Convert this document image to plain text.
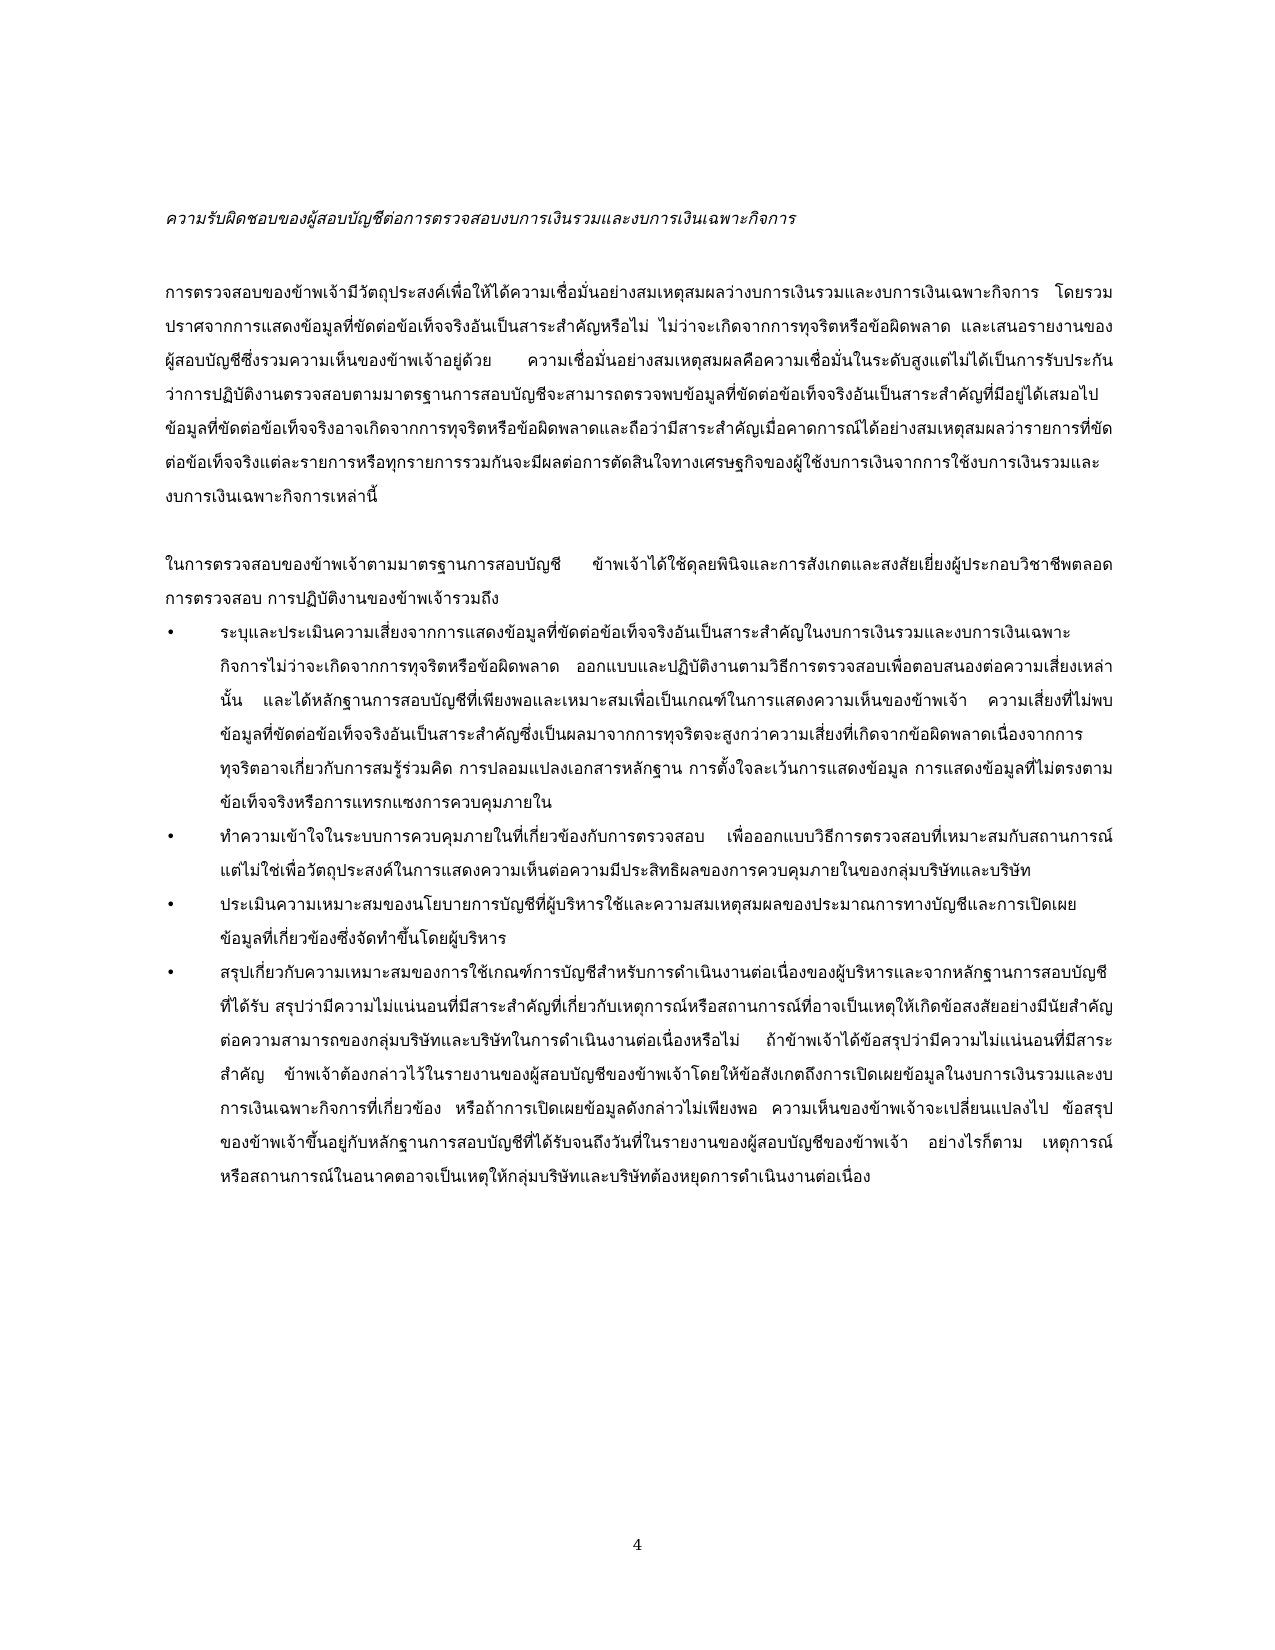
ความรับผิดชอบของผู้สอบบัญชีต่อการตรวจสอบงบการเงินรวมและงบการเงินเฉพาะกิจการ

การตรวจสอบของข้าพเจ้ามีวัตถุประสงค์เพื่อให้ได้ความเชื่อมั่นอย่างสมเหตุสมผลว่างบการเงินรวมและงบการเงินเฉพาะกิจการ โดยรวมปราศจากการแสดงข้อมูลที่ขัดต่อข้อเท็จจริงอันเป็นสาระสำคัญหรือไม่ ไม่ว่าจะเกิดจากการทุจริตหรือข้อผิดพลาด และเสนอรายงานของผู้สอบบัญชีซึ่งรวมความเห็นของข้าพเจ้าอยู่ด้วย ความเชื่อมั่นอย่างสมเหตุสมผลคือความเชื่อมั่นในระดับสูงแต่ไม่ได้เป็นการรับประกันว่าการปฏิบัติงานตรวจสอบตามมาตรฐานการสอบบัญชีจะสามารถตรวจพบข้อมูลที่ขัดต่อข้อเท็จจริงอันเป็นสาระสำคัญที่มีอยู่ได้เสมอไป ข้อมูลที่ขัดต่อข้อเท็จจริงอาจเกิดจากการทุจริตหรือข้อผิดพลาดและถือว่ามีสาระสำคัญเมื่อคาดการณ์ได้อย่างสมเหตุสมผลว่ารายการที่ขัดต่อข้อเท็จจริงแต่ละรายการหรือทุกรายการรวมกันจะมีผลต่อการตัดสินใจทางเศรษฐกิจของผู้ใช้งบการเงินจากการใช้งบการเงินรวมและงบการเงินเฉพาะกิจการเหล่านี้

ในการตรวจสอบของข้าพเจ้าตามมาตรฐานการสอบบัญชี ข้าพเจ้าได้ใช้ดุลยพินิจและการสังเกตและสงสัยเยี่ยงผู้ประกอบวิชาชีพตลอดการตรวจสอบ การปฏิบัติงานของข้าพเจ้ารวมถึง

•	ระบุและประเมินความเสี่ยงจากการแสดงข้อมูลที่ขัดต่อข้อเท็จจริงอันเป็นสาระสำคัญในงบการเงินรวมและงบการเงินเฉพาะกิจการไม่ว่าจะเกิดจากการทุจริตหรือข้อผิดพลาด ออกแบบและปฏิบัติงานตามวิธีการตรวจสอบเพื่อตอบสนองต่อความเสี่ยงเหล่านั้น และได้หลักฐานการสอบบัญชีที่เพียงพอและเหมาะสมเพื่อเป็นเกณฑ์ในการแสดงความเห็นของข้าพเจ้า ความเสี่ยงที่ไม่พบข้อมูลที่ขัดต่อข้อเท็จจริงอันเป็นสาระสำคัญซึ่งเป็นผลมาจากการทุจริตจะสูงกว่าความเสี่ยงที่เกิดจากข้อผิดพลาดเนื่องจากการทุจริตอาจเกี่ยวกับการสมรู้ร่วมคิด การปลอมแปลงเอกสารหลักฐาน การตั้งใจละเว้นการแสดงข้อมูล การแสดงข้อมูลที่ไม่ตรงตามข้อเท็จจริงหรือการแทรกแซงการควบคุมภายใน
•	ทำความเข้าใจในระบบการควบคุมภายในที่เกี่ยวข้องกับการตรวจสอบ เพื่อออกแบบวิธีการตรวจสอบที่เหมาะสมกับสถานการณ์ แต่ไม่ใช่เพื่อวัตถุประสงค์ในการแสดงความเห็นต่อความมีประสิทธิผลของการควบคุมภายในของกลุ่มบริษัทและบริษัท
•	ประเมินความเหมาะสมของนโยบายการบัญชีที่ผู้บริหารใช้และความสมเหตุสมผลของประมาณการทางบัญชีและการเปิดเผยข้อมูลที่เกี่ยวข้องซึ่งจัดทำขึ้นโดยผู้บริหาร
•	สรุปเกี่ยวกับความเหมาะสมของการใช้เกณฑ์การบัญชีสำหรับการดำเนินงานต่อเนื่องของผู้บริหารและจากหลักฐานการสอบบัญชีที่ได้รับ สรุปว่ามีความไม่แน่นอนที่มีสาระสำคัญที่เกี่ยวกับเหตุการณ์หรือสถานการณ์ที่อาจเป็นเหตุให้เกิดข้อสงสัยอย่างมีนัยสำคัญต่อความสามารถของกลุ่มบริษัทและบริษัทในการดำเนินงานต่อเนื่องหรือไม่ ถ้าข้าพเจ้าได้ข้อสรุปว่ามีความไม่แน่นอนที่มีสาระสำคัญ ข้าพเจ้าต้องกล่าวไว้ในรายงานของผู้สอบบัญชีของข้าพเจ้าโดยให้ข้อสังเกตถึงการเปิดเผยข้อมูลในงบการเงินรวมและงบการเงินเฉพาะกิจการที่เกี่ยวข้อง หรือถ้าการเปิดเผยข้อมูลดังกล่าวไม่เพียงพอ ความเห็นของข้าพเจ้าจะเปลี่ยนแปลงไป ข้อสรุปของข้าพเจ้าขึ้นอยู่กับหลักฐานการสอบบัญชีที่ได้รับจนถึงวันที่ในรายงานของผู้สอบบัญชีของข้าพเจ้า อย่างไรก็ตาม เหตุการณ์หรือสถานการณ์ในอนาคตอาจเป็นเหตุให้กลุ่มบริษัทและบริษัทต้องหยุดการดำเนินงานต่อเนื่อง
4
